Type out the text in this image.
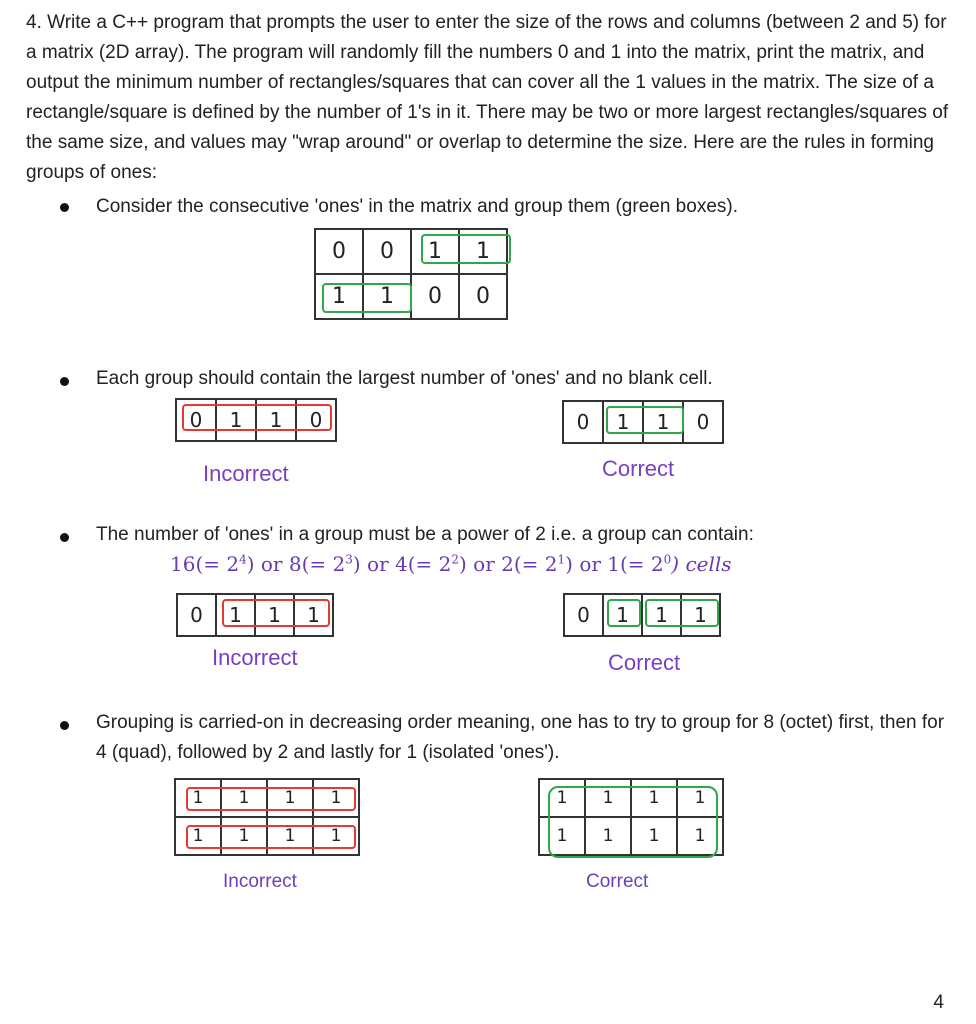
4. Write a C++ program that prompts the user to enter the size of the rows and columns (between 2 and 5) for a matrix (2D array). The program will randomly fill the numbers 0 and 1 into the matrix, print the matrix, and output the minimum number of rectangles/squares that can cover all the 1 values in the matrix. The size of a rectangle/square is defined by the number of 1's in it. There may be two or more largest rectangles/squares of the same size, and values may "wrap around" or overlap to determine the size. Here are the rules in forming groups of ones:
Consider the consecutive 'ones' in the matrix and group them (green boxes).
0	0	1	1
1	1	0	0
Each group should contain the largest number of 'ones' and no blank cell.
0	1	1	0
Incorrect
0	1	1	0
Correct
The number of 'ones' in a group must be a power of 2 i.e. a group can contain:
$16(= 2^4)$ or $8(= 2^3)$ or $4(= 2^2)$ or $2(= 2^1)$ or $1(= 2^0)$ cells
0	1	1	1
Incorrect
0	1	1	1
Correct
Grouping is carried-on in decreasing order meaning, one has to try to group for 8 (octet) first, then for 4 (quad), followed by 2 and lastly for 1 (isolated 'ones').
1	1	1	1
1	1	1	1
Incorrect
1	1	1	1
1	1	1	1
Correct
4
